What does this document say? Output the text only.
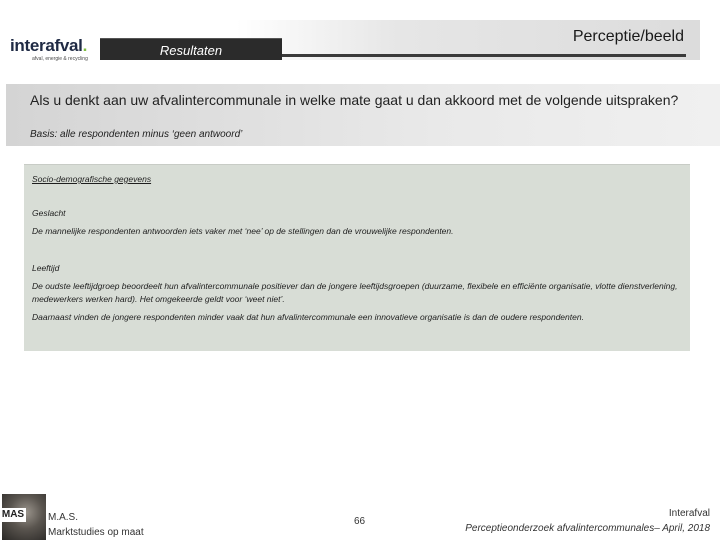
interafval.
afval, energie & recycling
Perceptie/beeld
Resultaten
Als u denkt aan uw afvalintercommunale in welke mate gaat u dan akkoord met de volgende uitspraken?
Basis: alle respondenten minus ‘geen antwoord’
Socio-demografische gegevens
Geslacht
De mannelijke respondenten antwoorden iets vaker met ‘nee’ op de stellingen dan de vrouwelijke respondenten.
Leeftijd
De oudste leeftijdgroep beoordeelt hun afvalintercommunale positiever dan de jongere leeftijdsgroepen (duurzame, flexibele en efficiënte organisatie, vlotte dienstverlening, medewerkers werken hard). Het omgekeerde geldt voor ‘weet niet’.
Daarnaast vinden de jongere respondenten minder vaak dat hun afvalintercommunale een innovatieve organisatie is dan de oudere respondenten.
MAS M.A.S.
Marktstudies op maat
66
Interafval
Perceptieonderzoek afvalintercommunales– April, 2018
